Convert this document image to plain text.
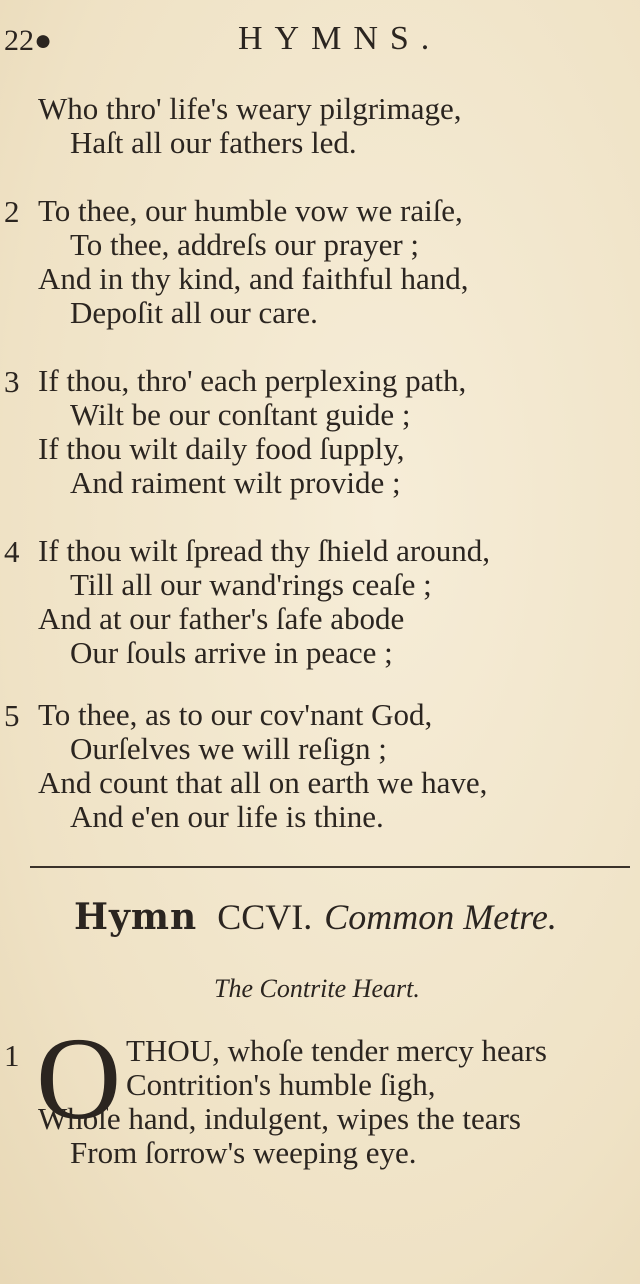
22●	HYMNS.
Who thro' life's weary pilgrimage,
Haſt all our fathers led.
2 To thee, our humble vow we raiſe,
To thee, addreſs our prayer ;
And in thy kind, and faithful hand,
Depoſit all our care.
3 If thou, thro' each perplexing path,
Wilt be our conſtant guide ;
If thou wilt daily food ſupply,
And raiment wilt provide ;
4 If thou wilt ſpread thy ſhield around,
Till all our wand'rings ceaſe ;
And at our father's ſafe abode
Our ſouls arrive in peace ;
5 To thee, as to our cov'nant God,
Ourſelves we will reſign ;
And count that all on earth we have,
And e'en our life is thine.
Hymn CCVI. Common Metre.
The Contrite Heart.
1 O THOU, whoſe tender mercy hears
Contrition's humble ſigh,
Whoſe hand, indulgent, wipes the tears
From ſorrow's weeping eye.
